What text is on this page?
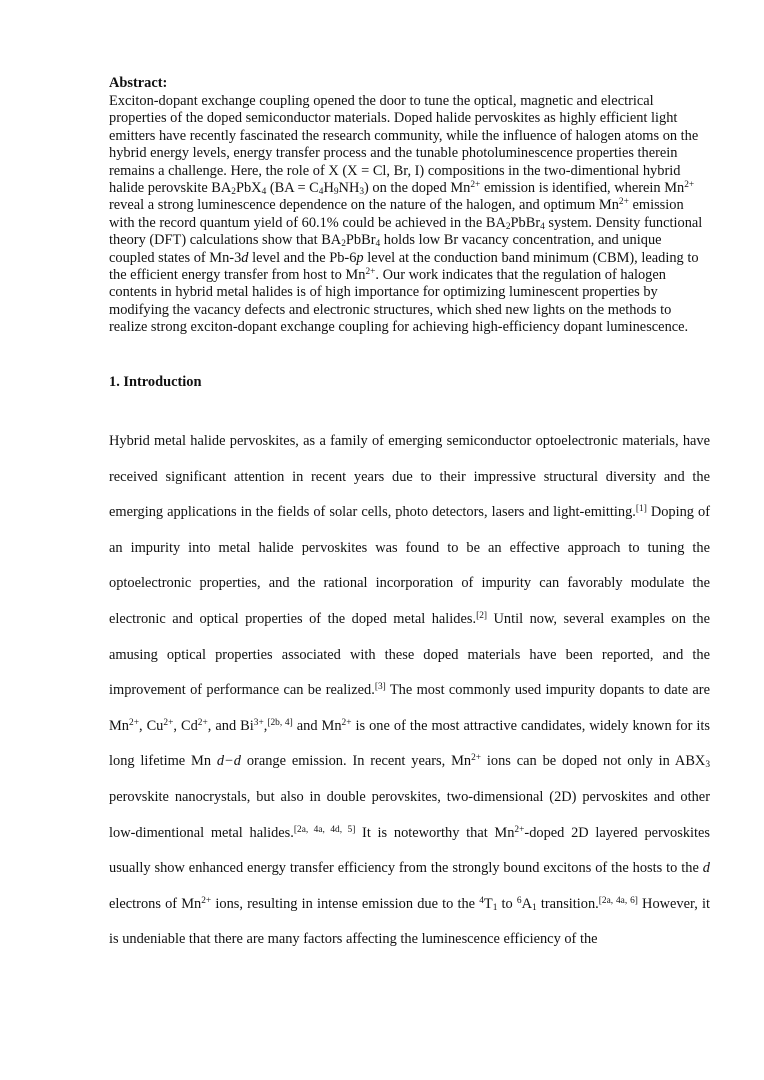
Abstract:
Exciton-dopant exchange coupling opened the door to tune the optical, magnetic and electrical properties of the doped semiconductor materials. Doped halide pervoskites as highly efficient light emitters have recently fascinated the research community, while the influence of halogen atoms on the hybrid energy levels, energy transfer process and the tunable photoluminescence properties therein remains a challenge. Here, the role of X (X = Cl, Br, I) compositions in the two-dimentional hybrid halide perovskite $BA_2PbX_4$ $(BA = C_4H_9NH_3)$ on the doped $Mn^{2+}$ emission is identified, wherein $Mn^{2+}$ reveal a strong luminescence dependence on the nature of the halogen, and optimum $Mn^{2+}$ emission with the record quantum yield of 60.1% could be achieved in the $BA_2PbBr_4$ system. Density functional theory (DFT) calculations show that $BA_2PbBr_4$ holds low Br vacancy concentration, and unique coupled states of Mn-3d level and the Pb-6p level at the conduction band minimum (CBM), leading to the efficient energy transfer from host to $Mn^{2+}$. Our work indicates that the regulation of halogen contents in hybrid metal halides is of high importance for optimizing luminescent properties by modifying the vacancy defects and electronic structures, which shed new lights on the methods to realize strong exciton-dopant exchange coupling for achieving high-efficiency dopant luminescence.
1. Introduction

Hybrid metal halide pervoskites, as a family of emerging semiconductor optoelectronic materials, have received significant attention in recent years due to their impressive structural diversity and the emerging applications in the fields of solar cells, photo detectors, lasers and light-emitting.[1] Doping of an impurity into metal halide pervoskites was found to be an effective approach to tuning the optoelectronic properties, and the rational incorporation of impurity can favorably modulate the electronic and optical properties of the doped metal halides.[2] Until now, several examples on the amusing optical properties associated with these doped materials have been reported, and the improvement of performance can be realized.[3] The most commonly used impurity dopants to date are $Mn^{2+}$, $Cu^{2+}$, $Cd^{2+}$, and $Bi^{3+},[2b, 4]$ and $Mn^{2+}$ is one of the most attractive candidates, widely known for its long lifetime Mn d−d orange emission. In recent years, $Mn^{2+}$ ions can be doped not only in $ABX_3$ perovskite nanocrystals, but also in double perovskites, two-dimensional (2D) pervoskites and other low-dimentional metal halides.[2a, 4a, 4d, 5] It is noteworthy that $Mn^{2+}$-doped 2D layered pervoskites usually show enhanced energy transfer efficiency from the strongly bound excitons of the hosts to the d electrons of $Mn^{2+}$ ions, resulting in intense emission due to the $^4T_1$ to $^6A_1$ transition.[2a, 4a, 6] However, it is undeniable that there are many factors affecting the luminescence efficiency of the
